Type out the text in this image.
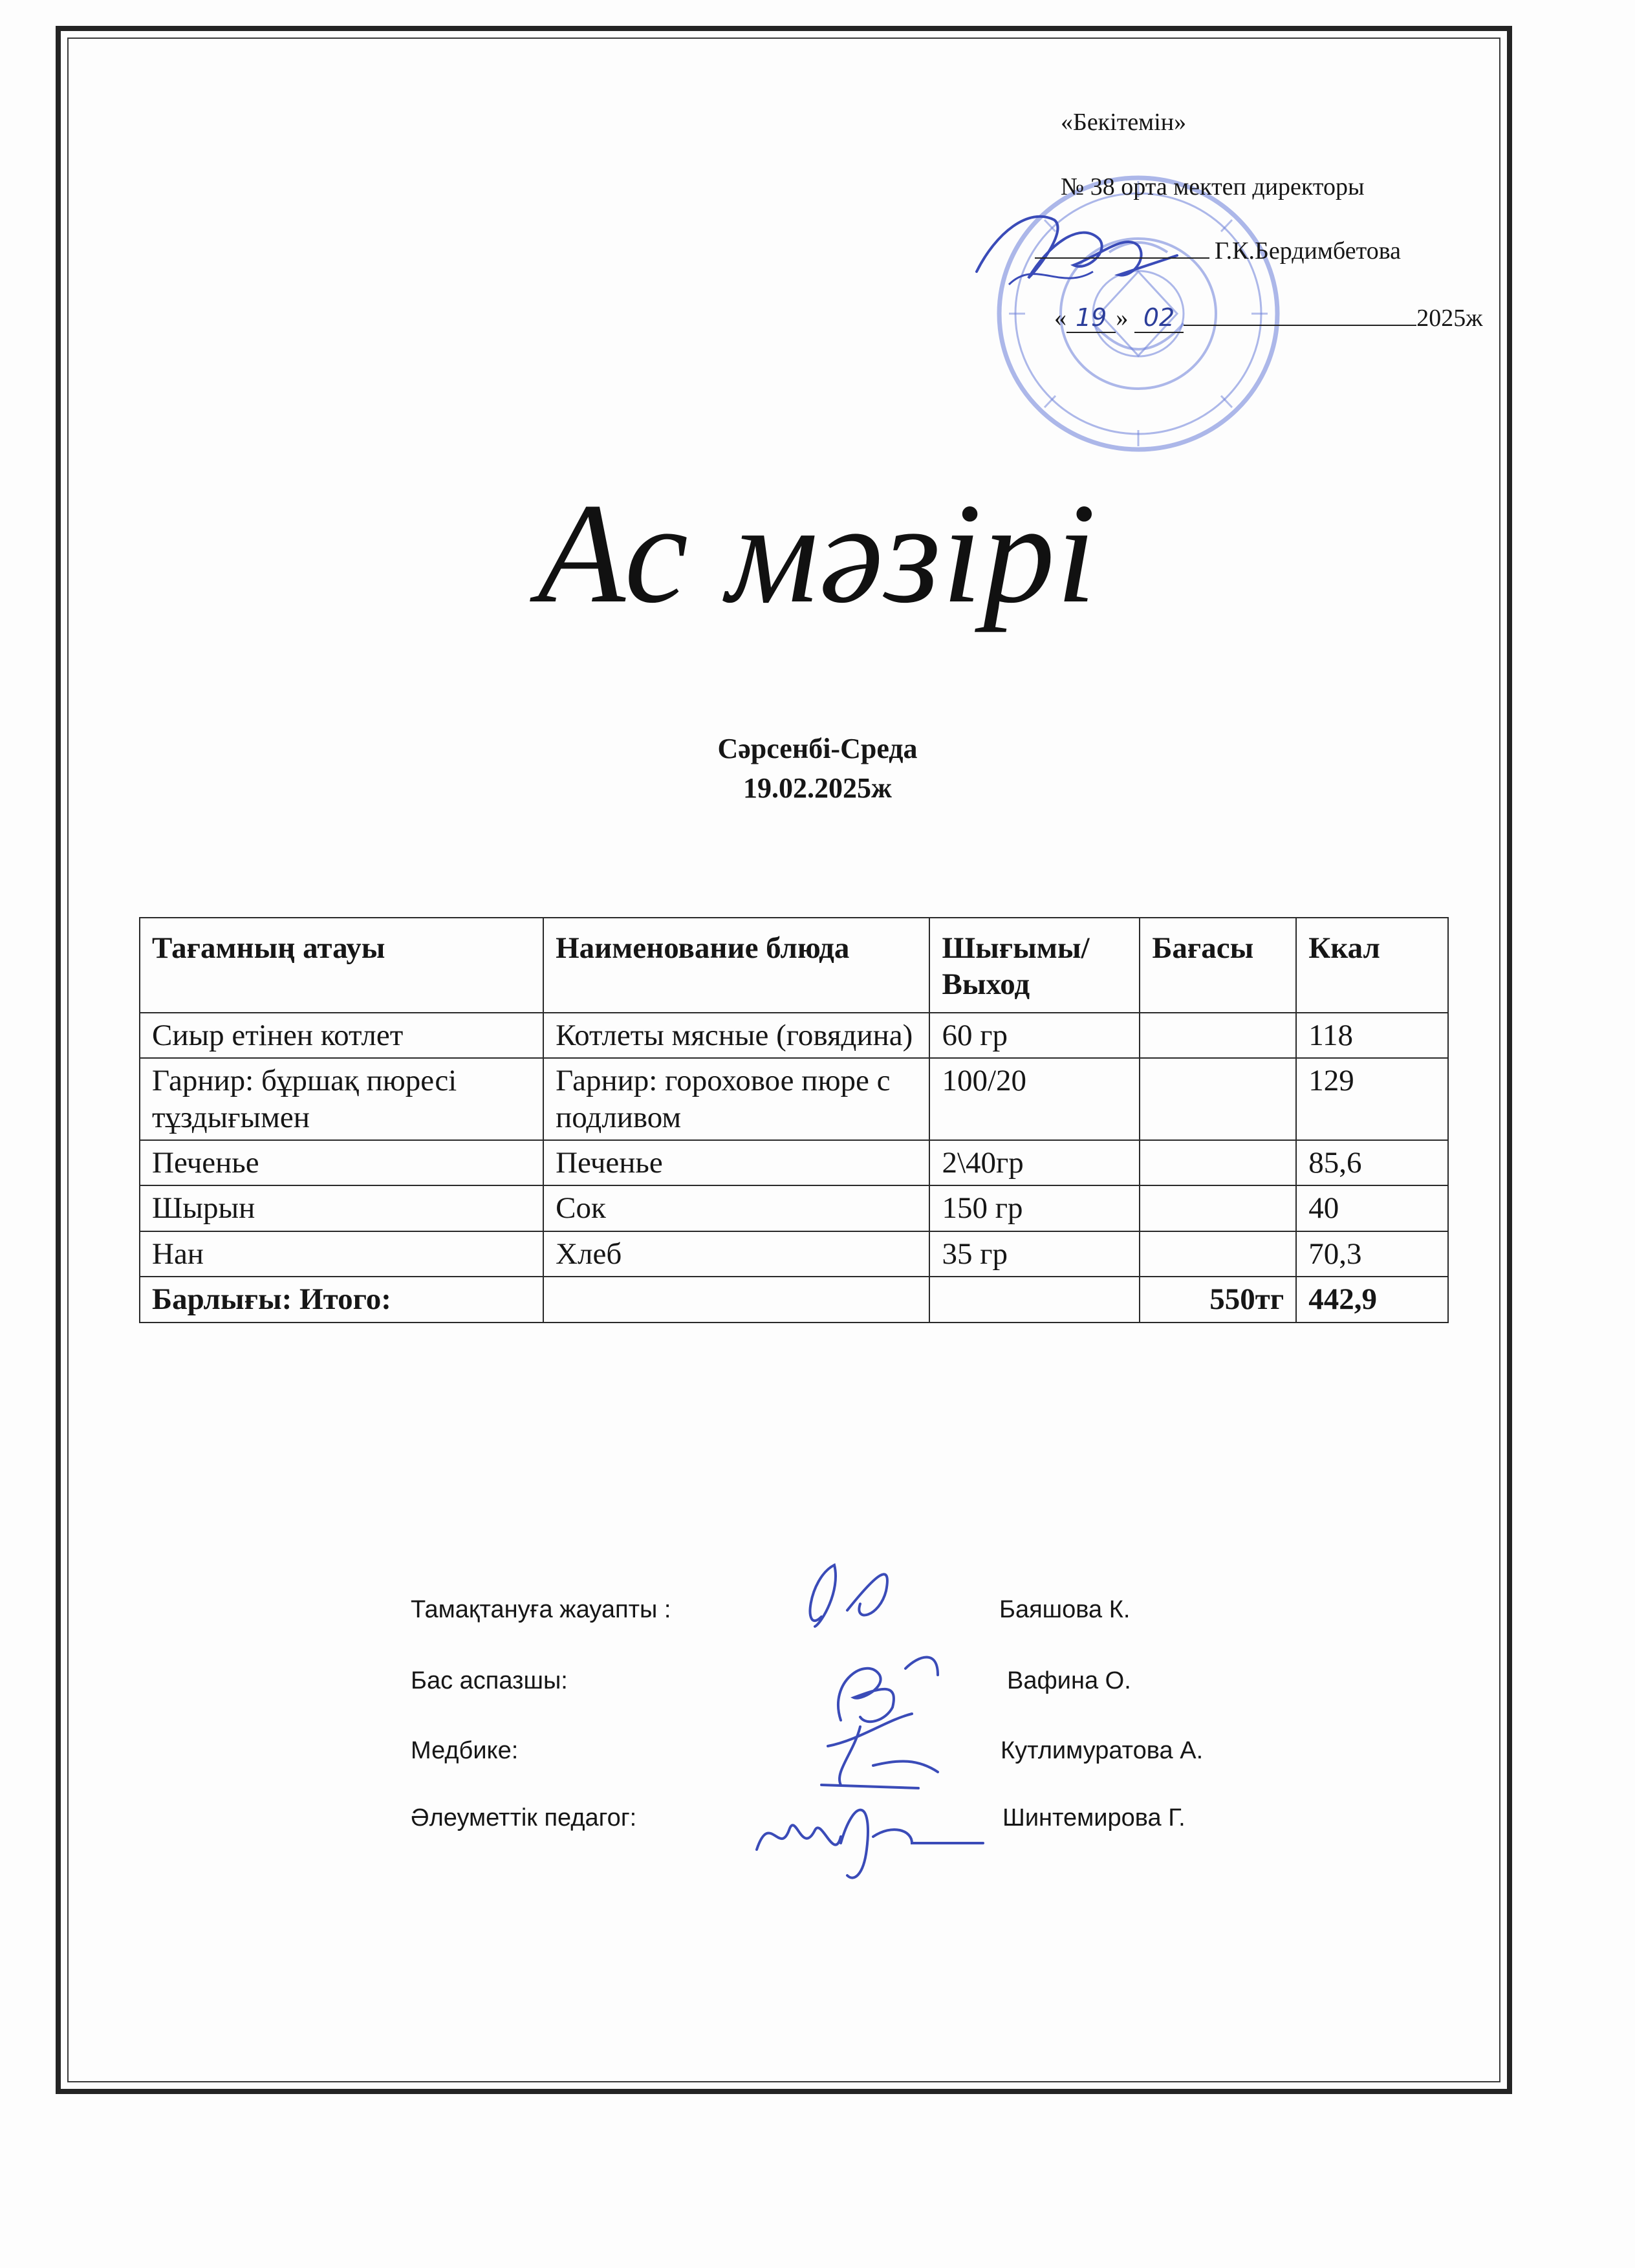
«Бекітемін»
№ 38 орта мектеп директоры
Г.К.Бердимбетова
« 19 » 02	2025ж
Ас мәзірі
Сәрсенбі-Среда
19.02.2025ж
Тағамның атауы	Наименование блюда	Шығымы/ Выход	Бағасы	Ккал
Сиыр етінен котлет	Котлеты мясные (говядина)	60 гр		118
Гарнир: бұршақ пюресі тұздығымен	Гарнир: гороховое пюре с подливом	100/20		129
Печенье	Печенье	2\40гр		85,6
Шырын	Сок	150 гр		40
Нан	Хлеб	35 гр		70,3
Барлығы: Итого:			550тг	442,9
Тамақтануға жауапты :	Баяшова К.
Бас аспазшы:	Вафина О.
Медбике:	Кутлимуратова А.
Әлеуметтік педагог:	Шинтемирова Г.
